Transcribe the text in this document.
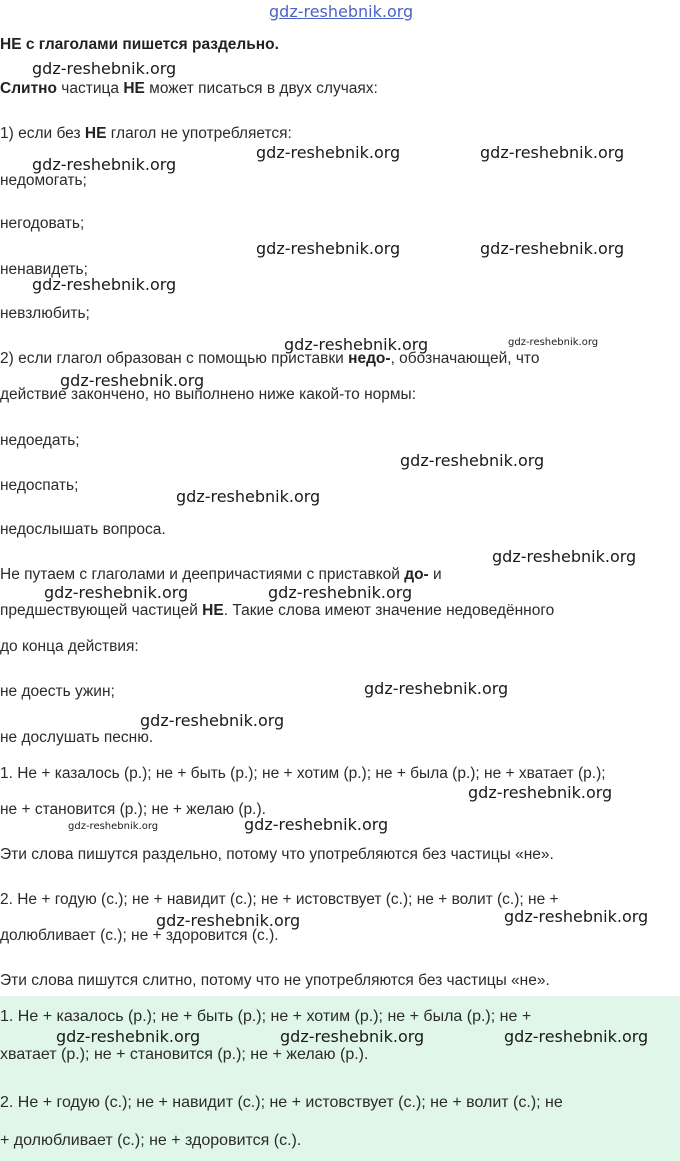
gdz-reshebnik.org
НЕ с глаголами пишется раздельно.
Слитно частица НЕ может писаться в двух случаях:
1) если без НЕ глагол не употребляется:
недомогать;
негодовать;
ненавидеть;
невзлюбить;
2) если глагол образован с помощью приставки недо-, обозначающей, что
действие закончено, но выполнено ниже какой-то нормы:
недоедать;
недоспать;
недослышать вопроса.
Не путаем с глаголами и деепричастиями с приставкой до- и
предшествующей частицей НЕ. Такие слова имеют значение недоведённого
до конца действия:
не доесть ужин;
не дослушать песню.
1. Не + казалось (р.); не + быть (р.); не + хотим (р.); не + была (р.); не + хватает (р.);
не + становится (р.); не + желаю (р.).
Эти слова пишутся раздельно, потому что употребляются без частицы «не».
2. Не + годую (с.); не + навидит (с.); не + истовствует (с.); не + волит (с.); не +
долюбливает (с.); не + здоровится (с.).
Эти слова пишутся слитно, потому что не употребляются без частицы «не».
1. Не + казалось (р.); не + быть (р.); не + хотим (р.); не + была (р.); не +
хватает (р.); не + становится (р.); не + желаю (р.).
2. Не + годую (с.); не + навидит (с.); не + истовствует (с.); не + волит (с.); не
+ долюбливает (с.); не + здоровится (с.).
gdz-reshebnik.org
gdz-reshebnik.org
gdz-reshebnik.org	gdz-reshebnik.org
gdz-reshebnik.org	gdz-reshebnik.org
gdz-reshebnik.org
gdz-reshebnik.org	gdz-reshebnik.org
gdz-reshebnik.org
gdz-reshebnik.org
gdz-reshebnik.org
gdz-reshebnik.org
gdz-reshebnik.org	gdz-reshebnik.org
gdz-reshebnik.org
gdz-reshebnik.org
gdz-reshebnik.org
gdz-reshebnik.org	gdz-reshebnik.org
gdz-reshebnik.org	gdz-reshebnik.org
gdz-reshebnik.org	gdz-reshebnik.org	gdz-reshebnik.org
